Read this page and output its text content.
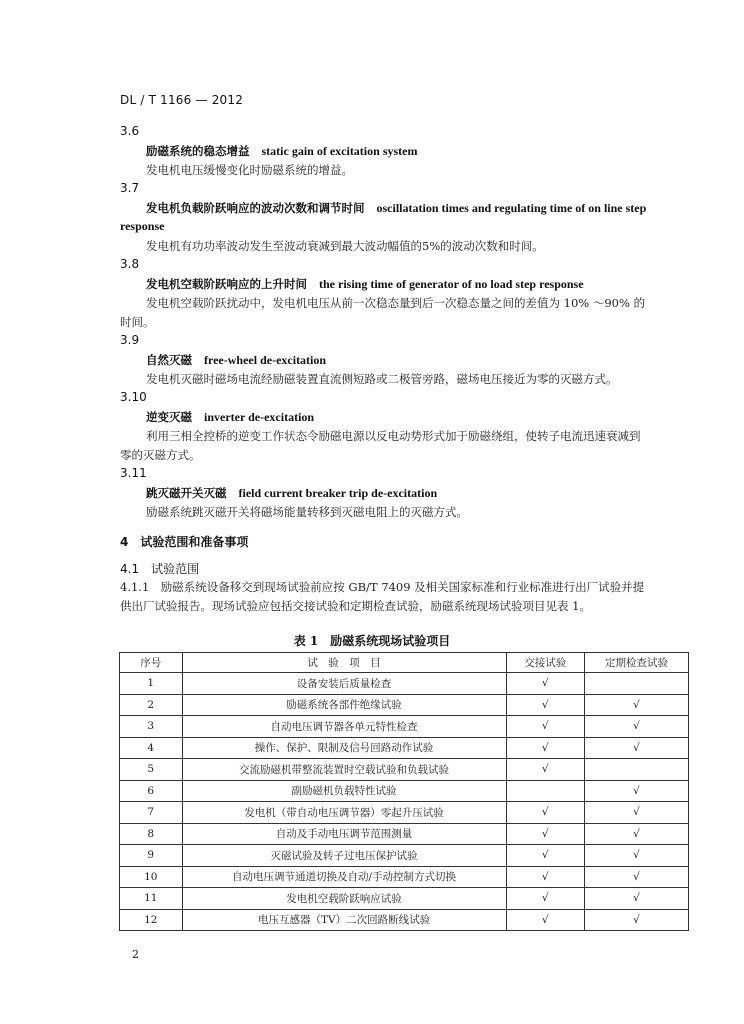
DL / T 1166 — 2012
3.6
励磁系统的稳态增益 static gain of excitation system
发电机电压缓慢变化时励磁系统的增益。
3.7
发电机负载阶跃响应的波动次数和调节时间 oscillatation times and regulating time of on line step
response
发电机有功功率波动发生至波动衰减到最大波动幅值的5%的波动次数和时间。
3.8
发电机空载阶跃响应的上升时间 the rising time of generator of no load step response
发电机空载阶跃扰动中，发电机电压从前一次稳态量到后一次稳态量之间的差值为 10% ～90% 的
时间。
3.9
自然灭磁 free-wheel de-excitation
发电机灭磁时磁场电流经励磁装置直流侧短路或二极管旁路，磁场电压接近为零的灭磁方式。
3.10
逆变灭磁 inverter de-excitation
利用三相全控桥的逆变工作状态令励磁电源以反电动势形式加于励磁绕组，使转子电流迅速衰减到
零的灭磁方式。
3.11
跳灭磁开关灭磁 field current breaker trip de-excitation
励磁系统跳灭磁开关将磁场能量转移到灭磁电阻上的灭磁方式。
4　试验范围和准备事项
4.1　试验范围
4.1.1　励磁系统设备移交到现场试验前应按 GB/T 7409 及相关国家标准和行业标准进行出厂试验并提
供出厂试验报告。现场试验应包括交接试验和定期检查试验，励磁系统现场试验项目见表 1。
表 1　励磁系统现场试验项目
序号	试　验　项　目	交接试验	定期检查试验
1	设备安装后质量检查	√	
2	励磁系统各部件绝缘试验	√	√
3	自动电压调节器各单元特性检查	√	√
4	操作、保护、限制及信号回路动作试验	√	√
5	交流励磁机带整流装置时空载试验和负载试验	√	
6	副励磁机负载特性试验		√
7	发电机（带自动电压调节器）零起升压试验	√	√
8	自动及手动电压调节范围测量	√	√
9	灭磁试验及转子过电压保护试验	√	√
10	自动电压调节通道切换及自动/手动控制方式切换	√	√
11	发电机空载阶跃响应试验	√	√
12	电压互感器（TV）二次回路断线试验	√	√
2
